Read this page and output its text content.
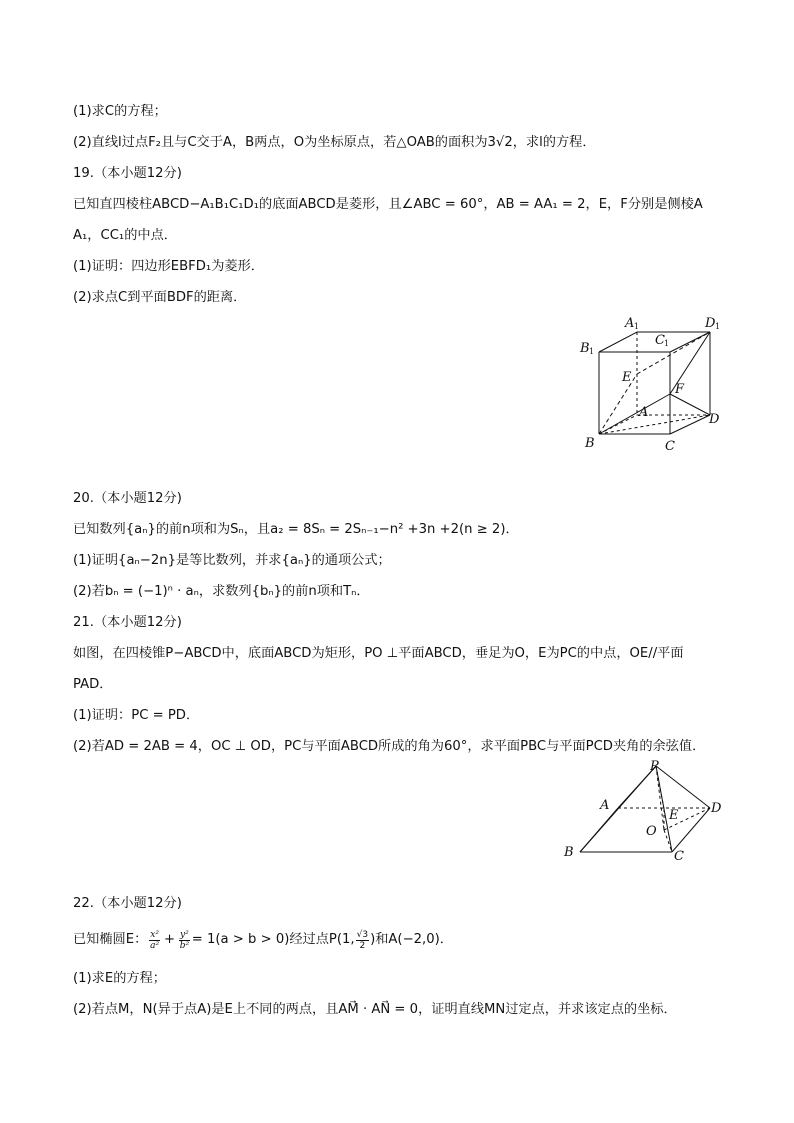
(1)求C的方程；
(2)直线l过点F₂且与C交于A，B两点，O为坐标原点，若△OAB的面积为3√2，求l的方程．
19.（本小题12分)
已知直四棱柱ABCD−A₁B₁C₁D₁的底面ABCD是菱形，且∠ABC = 60°，AB = AA₁ = 2，E，F分别是侧棱A
A₁，CC₁的中点．
(1)证明：四边形EBFD₁为菱形．
(2)求点C到平面BDF的距离．
A 1	D 1
B 1
C 1
E
F
A
B	C
D
20.（本小题12分)
已知数列{aₙ}的前n项和为Sₙ，且a₂ = 8Sₙ = 2Sₙ₋₁−n² +3n +2(n ≥ 2)．
(1)证明{aₙ−2n}是等比数列，并求{aₙ}的通项公式；
(2)若bₙ = (−1)ⁿ · aₙ，求数列{bₙ}的前n项和Tₙ．
21.（本小题12分)
如图，在四棱锥P−ABCD中，底面ABCD为矩形，PO ⊥平面ABCD，垂足为O，E为PC的中点，OE//平面
PAD．
(1)证明：PC = PD．
(2)若AD = 2AB = 4，OC ⊥ OD，PC与平面ABCD所成的角为60°，求平面PBC与平面PCD夹角的余弦值．
P
A	D
E
O
B	C
22.（本小题12分)
已知椭圆E： x²
$a^2 + \frac{\text{y²}}{\text{b²}} = 1(a > b > 0)$经过点P(1, √3
2 )和A(−2,0)．
(1)求E的方程；
(2)若点M，N(异于点A)是E上不同的两点，且AM⃗ · AN⃗ = 0，证明直线MN过定点，并求该定点的坐标．
